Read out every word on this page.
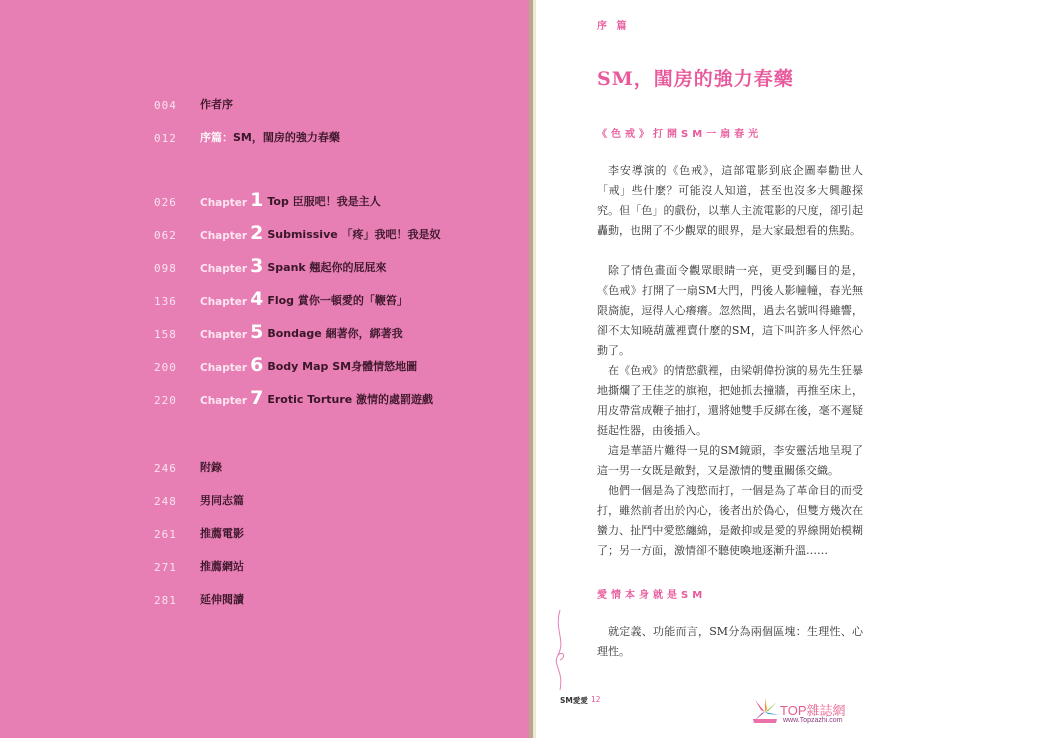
004	作者序
012	序篇： SM，閨房的強力春藥
026	Chapter 1 Top 臣服吧！我是主人
062	Chapter 2 Submissive 「疼」我吧！我是奴
098	Chapter 3 Spank 翹起你的屁屁來
136	Chapter 4 Flog 賞你一頓愛的「鞭笞」
158	Chapter 5 Bondage 綑著你，綁著我
200	Chapter 6 Body Map SM身體情慾地圖
220	Chapter 7 Erotic Torture 激情的處罰遊戲
246	附錄
248	男同志篇
261	推薦電影
271	推薦網站
281	延伸閱讀
序 篇
SM，閨房的強力春藥
《色戒》打開SM一扇春光

李安導演的《色戒》，這部電影到底企圖奉勸世人「戒」些什麼？可能沒人知道，甚至也沒多大興趣探究。但「色」的戲份，以華人主流電影的尺度，卻引起轟動，也開了不少觀眾的眼界，是大家最想看的焦點。

除了情色畫面令觀眾眼睛一亮，更受到矚目的是，《色戒》打開了一扇SM大門，門後人影幢幢，春光無限旖旎，逗得人心癢癢。忽然間，過去名號叫得雖響，卻不太知曉葫蘆裡賣什麼的SM，這下叫許多人怦然心動了。

在《色戒》的情慾戲裡，由梁朝偉扮演的易先生狂暴地撕爛了王佳芝的旗袍，把她抓去撞牆，再推至床上，用皮帶當成鞭子抽打，還將她雙手反綁在後，毫不遲疑挺起性器，由後插入。

這是華語片難得一見的SM鏡頭，李安靈活地呈現了這一男一女既是敵對，又是激情的雙重關係交織。

他們一個是為了洩慾而打，一個是為了革命目的而受打，雖然前者出於內心，後者出於偽心，但雙方幾次在蠻力、扯鬥中愛慾纏綿，是敵抑或是愛的界線開始模糊了；另一方面，激情卻不聽使喚地逐漸升溫……

愛情本身就是SM

就定義、功能而言，SM分為兩個區塊：生理性、心理性。

SM愛愛 12
TOP雜誌網
www.Topzazhi.com
